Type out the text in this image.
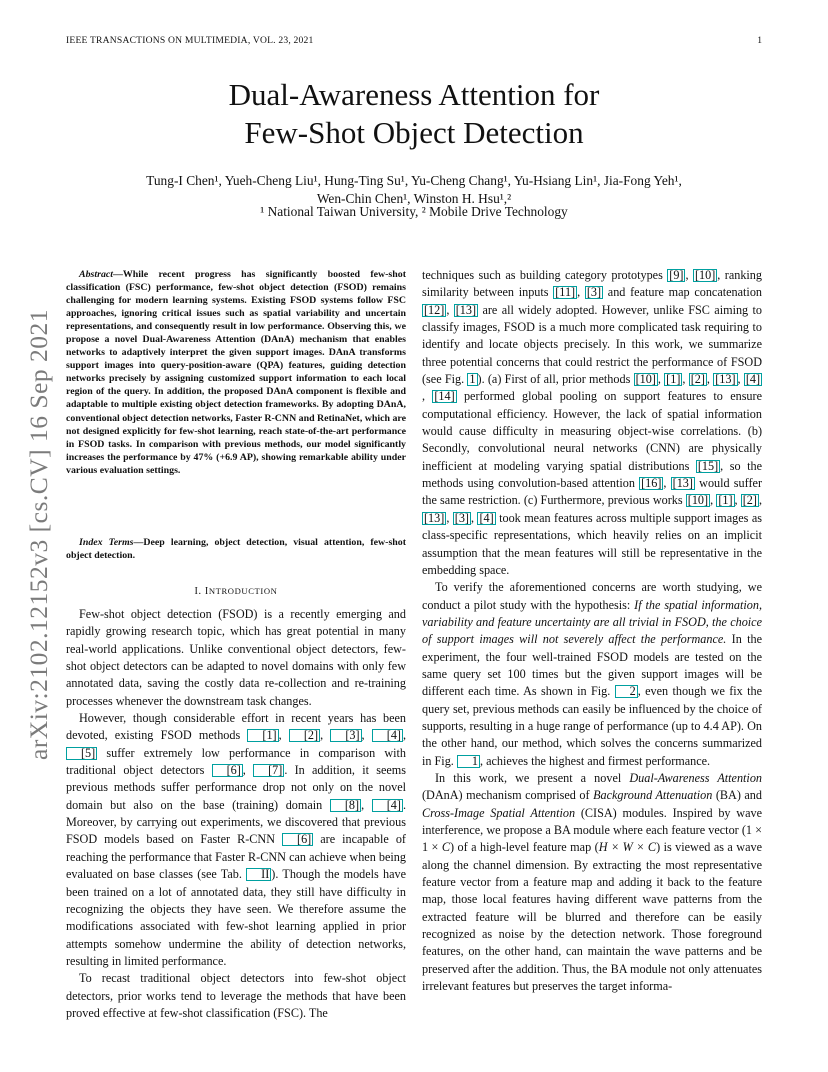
IEEE TRANSACTIONS ON MULTIMEDIA, VOL. 23, 2021	1
arXiv:2102.12152v3 [cs.CV] 16 Sep 2021
Dual-Awareness Attention for
Few-Shot Object Detection
Tung-I Chen¹, Yueh-Cheng Liu¹, Hung-Ting Su¹, Yu-Cheng Chang¹, Yu-Hsiang Lin¹, Jia-Fong Yeh¹,
Wen-Chin Chen¹, Winston H. Hsu¹,²
¹ National Taiwan University, ² Mobile Drive Technology

Abstract—While recent progress has significantly boosted few-shot classification (FSC) performance, few-shot object detection (FSOD) remains challenging for modern learning systems. Existing FSOD systems follow FSC approaches, ignoring critical issues such as spatial variability and uncertain representations, and consequently result in low performance. Observing this, we propose a novel Dual-Awareness Attention (DAnA) mechanism that enables networks to adaptively interpret the given support images. DAnA transforms support images into query-position-aware (QPA) features, guiding detection networks precisely by assigning customized support information to each local region of the query. In addition, the proposed DAnA component is flexible and adaptable to multiple existing object detection frameworks. By adopting DAnA, conventional object detection networks, Faster R-CNN and RetinaNet, which are not designed explicitly for few-shot learning, reach state-of-the-art performance in FSOD tasks. In comparison with previous methods, our model significantly increases the performance by 47% (+6.9 AP), showing remarkable ability under various evaluation settings.

Index Terms—Deep learning, object detection, visual attention, few-shot object detection.

I. INTRODUCTION

Few-shot object detection (FSOD) is a recently emerging and rapidly growing research topic, which has great potential in many real-world applications. Unlike conventional object detectors, few-shot object detectors can be adapted to novel domains with only few annotated data, saving the costly data re-collection and re-training processes whenever the downstream task changes.

However, though considerable effort in recent years has been devoted, existing FSOD methods [1] , [2] , [3] , [4] , [5] suffer extremely low performance in comparison with traditional object detectors [6] , [7] . In addition, it seems previous methods suffer performance drop not only on the novel domain but also on the base (training) domain [8] , [4] . Moreover, by carrying out experiments, we discovered that previous FSOD models based on Faster R-CNN [6] are incapable of reaching the performance that Faster R-CNN can achieve when being evaluated on base classes (see Tab. II ). Though the models have been trained on a lot of annotated data, they still have difficulty in recognizing the objects they have seen. We therefore assume the modifications associated with few-shot learning applied in prior attempts somehow undermine the ability of detection networks, resulting in limited performance.

To recast traditional object detectors into few-shot object detectors, prior works tend to leverage the methods that have been proved effective at few-shot classification (FSC). The

techniques such as building category prototypes [9] , [10] , ranking similarity between inputs [11] , [3] and feature map concatenation [12] , [13] are all widely adopted. However, unlike FSC aiming to classify images, FSOD is a much more complicated task requiring to identify and locate objects precisely. In this work, we summarize three potential concerns that could restrict the performance of FSOD (see Fig. 1 ). (a) First of all, prior methods [10] , [1] , [2] , [13] , [4], [14] performed global pooling on support features to ensure computational efficiency. However, the lack of spatial information would cause difficulty in measuring object-wise correlations. (b) Secondly, convolutional neural networks (CNN) are physically inefficient at modeling varying spatial distributions [15] , so the methods using convolution-based attention [16] , [13] would suffer the same restriction. (c) Furthermore, previous works [10] , [1] , [2] , [13] , [3] , [4] took mean features across multiple support images as class-specific representations, which heavily relies on an implicit assumption that the mean features will still be representative in the embedding space.

To verify the aforementioned concerns are worth studying, we conduct a pilot study with the hypothesis: If the spatial information, variability and feature uncertainty are all trivial in FSOD, the choice of support images will not severely affect the performance. In the experiment, the four well-trained FSOD models are tested on the same query set 100 times but the given support images will be different each time. As shown in Fig. 2 , even though we fix the query set, previous methods can easily be influenced by the choice of supports, resulting in a huge range of performance (up to 4.4 AP). On the other hand, our method, which solves the concerns summarized in Fig. 1 , achieves the highest and firmest performance.

In this work, we present a novel Dual-Awareness Attention (DAnA) mechanism comprised of Background Attenuation (BA) and Cross-Image Spatial Attention (CISA) modules. Inspired by wave interference, we propose a BA module where each feature vector (1 × 1 × C) of a high-level feature map (H × W × C) is viewed as a wave along the channel dimension. By extracting the most representative feature vector from a feature map and adding it back to the feature map, those local features having different wave patterns from the extracted feature will be blurred and therefore can be easily recognized as noise by the detection network. Those foreground features, on the other hand, can maintain the wave patterns and be preserved after the addition. Thus, the BA module not only attenuates irrelevant features but preserves the target informa-
